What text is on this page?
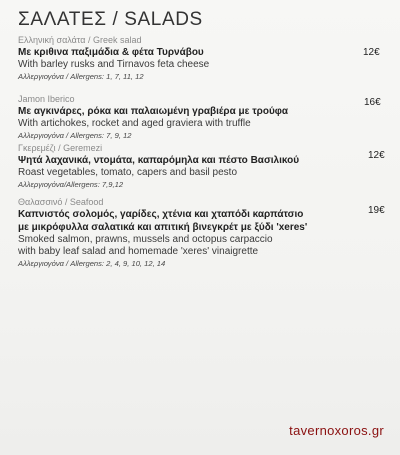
ΣΑΛΑΤΕΣ / SALADS
Ελληνική σαλάτα / Greek salad
Με κριθινα παξιμάδια & φέτα Τυρνάβου
With barley rusks and Tirnavos feta cheese
Αλλεργιογόνα / Allergens: 1, 7, 11, 12
12€
Jamon Iberico
Με αγκινάρες, ρόκα και παλαιωμένη γραβιέρα με τρούφα
With artichokes, rocket and aged graviera with truffle
Αλλεργιογόνα / Allergens: 7, 9, 12
16€
Γκερεμέζι / Geremezi
Ψητά λαχανικά, ντομάτα, καπαρόμηλα και πέστο Βασιλικού
Roast vegetables, tomato, capers and basil pesto
Αλλεργιογόνα/Allergens: 7,9,12
12€
Θαλασσινό / Seafood
Καπνιστός σολομός, γαρίδες, χτένια και χταπόδι καρπάτσιο
με μικρόφυλλα σαλατικά και απιτική βινεγκρέτ με ξύδι 'xeres'
Smoked salmon, prawns, mussels and octopus carpaccio
with baby leaf salad and homemade 'xeres' vinaigrette
Αλλεργιογόνα / Allergens: 2, 4, 9, 10, 12, 14
19€
tavernoxoros.gr
